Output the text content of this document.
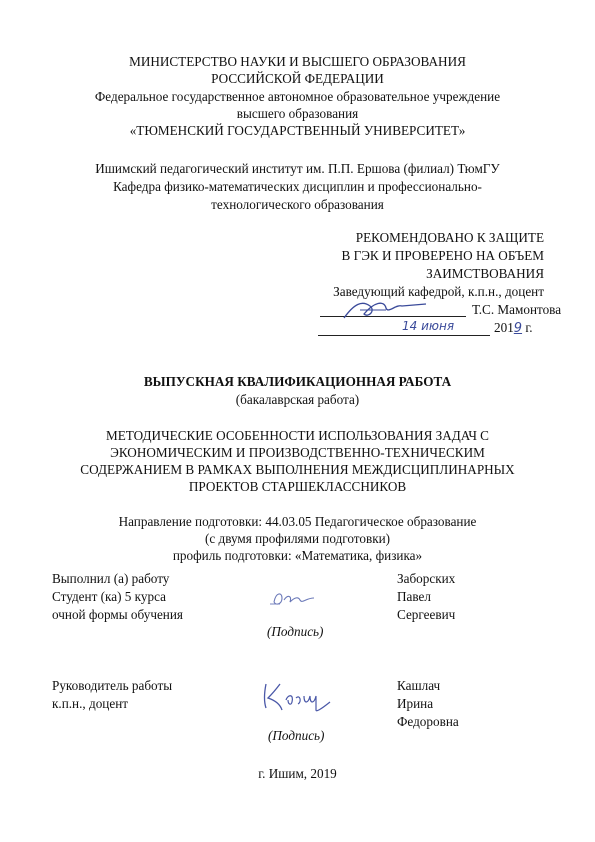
МИНИСТЕРСТВО НАУКИ И ВЫСШЕГО ОБРАЗОВАНИЯ
РОССИЙСКОЙ ФЕДЕРАЦИИ
Федеральное государственное автономное образовательное учреждение
высшего образования
«ТЮМЕНСКИЙ ГОСУДАРСТВЕННЫЙ УНИВЕРСИТЕТ»
Ишимский педагогический институт им. П.П. Ершова (филиал) ТюмГУ
Кафедра физико-математических дисциплин и профессионально-
технологического образования
РЕКОМЕНДОВАНО К ЗАЩИТЕ
В ГЭК И ПРОВЕРЕНО НА ОБЪЕМ
ЗАИМСТВОВАНИЯ
Заведующий кафедрой, к.п.н., доцент
Т.С. Мамонтова
14 июня	2019 г.
ВЫПУСКНАЯ КВАЛИФИКАЦИОННАЯ РАБОТА
(бакалаврская работа)
МЕТОДИЧЕСКИЕ ОСОБЕННОСТИ ИСПОЛЬЗОВАНИЯ ЗАДАЧ С
ЭКОНОМИЧЕСКИМ И ПРОИЗВОДСТВЕННО-ТЕХНИЧЕСКИМ
СОДЕРЖАНИЕМ В РАМКАХ ВЫПОЛНЕНИЯ МЕЖДИСЦИПЛИНАРНЫХ
ПРОЕКТОВ СТАРШЕКЛАССНИКОВ
Направление подготовки: 44.03.05 Педагогическое образование
(с двумя профилями подготовки)
профиль подготовки: «Математика, физика»
Выполнил (а) работу
Студент (ка) 5 курса
очной формы обучения
Заборских
Павел
Сергеевич
(Подпись)
Руководитель работы
к.п.н., доцент
Кашлач
Ирина
Федоровна
(Подпись)
г. Ишим, 2019
